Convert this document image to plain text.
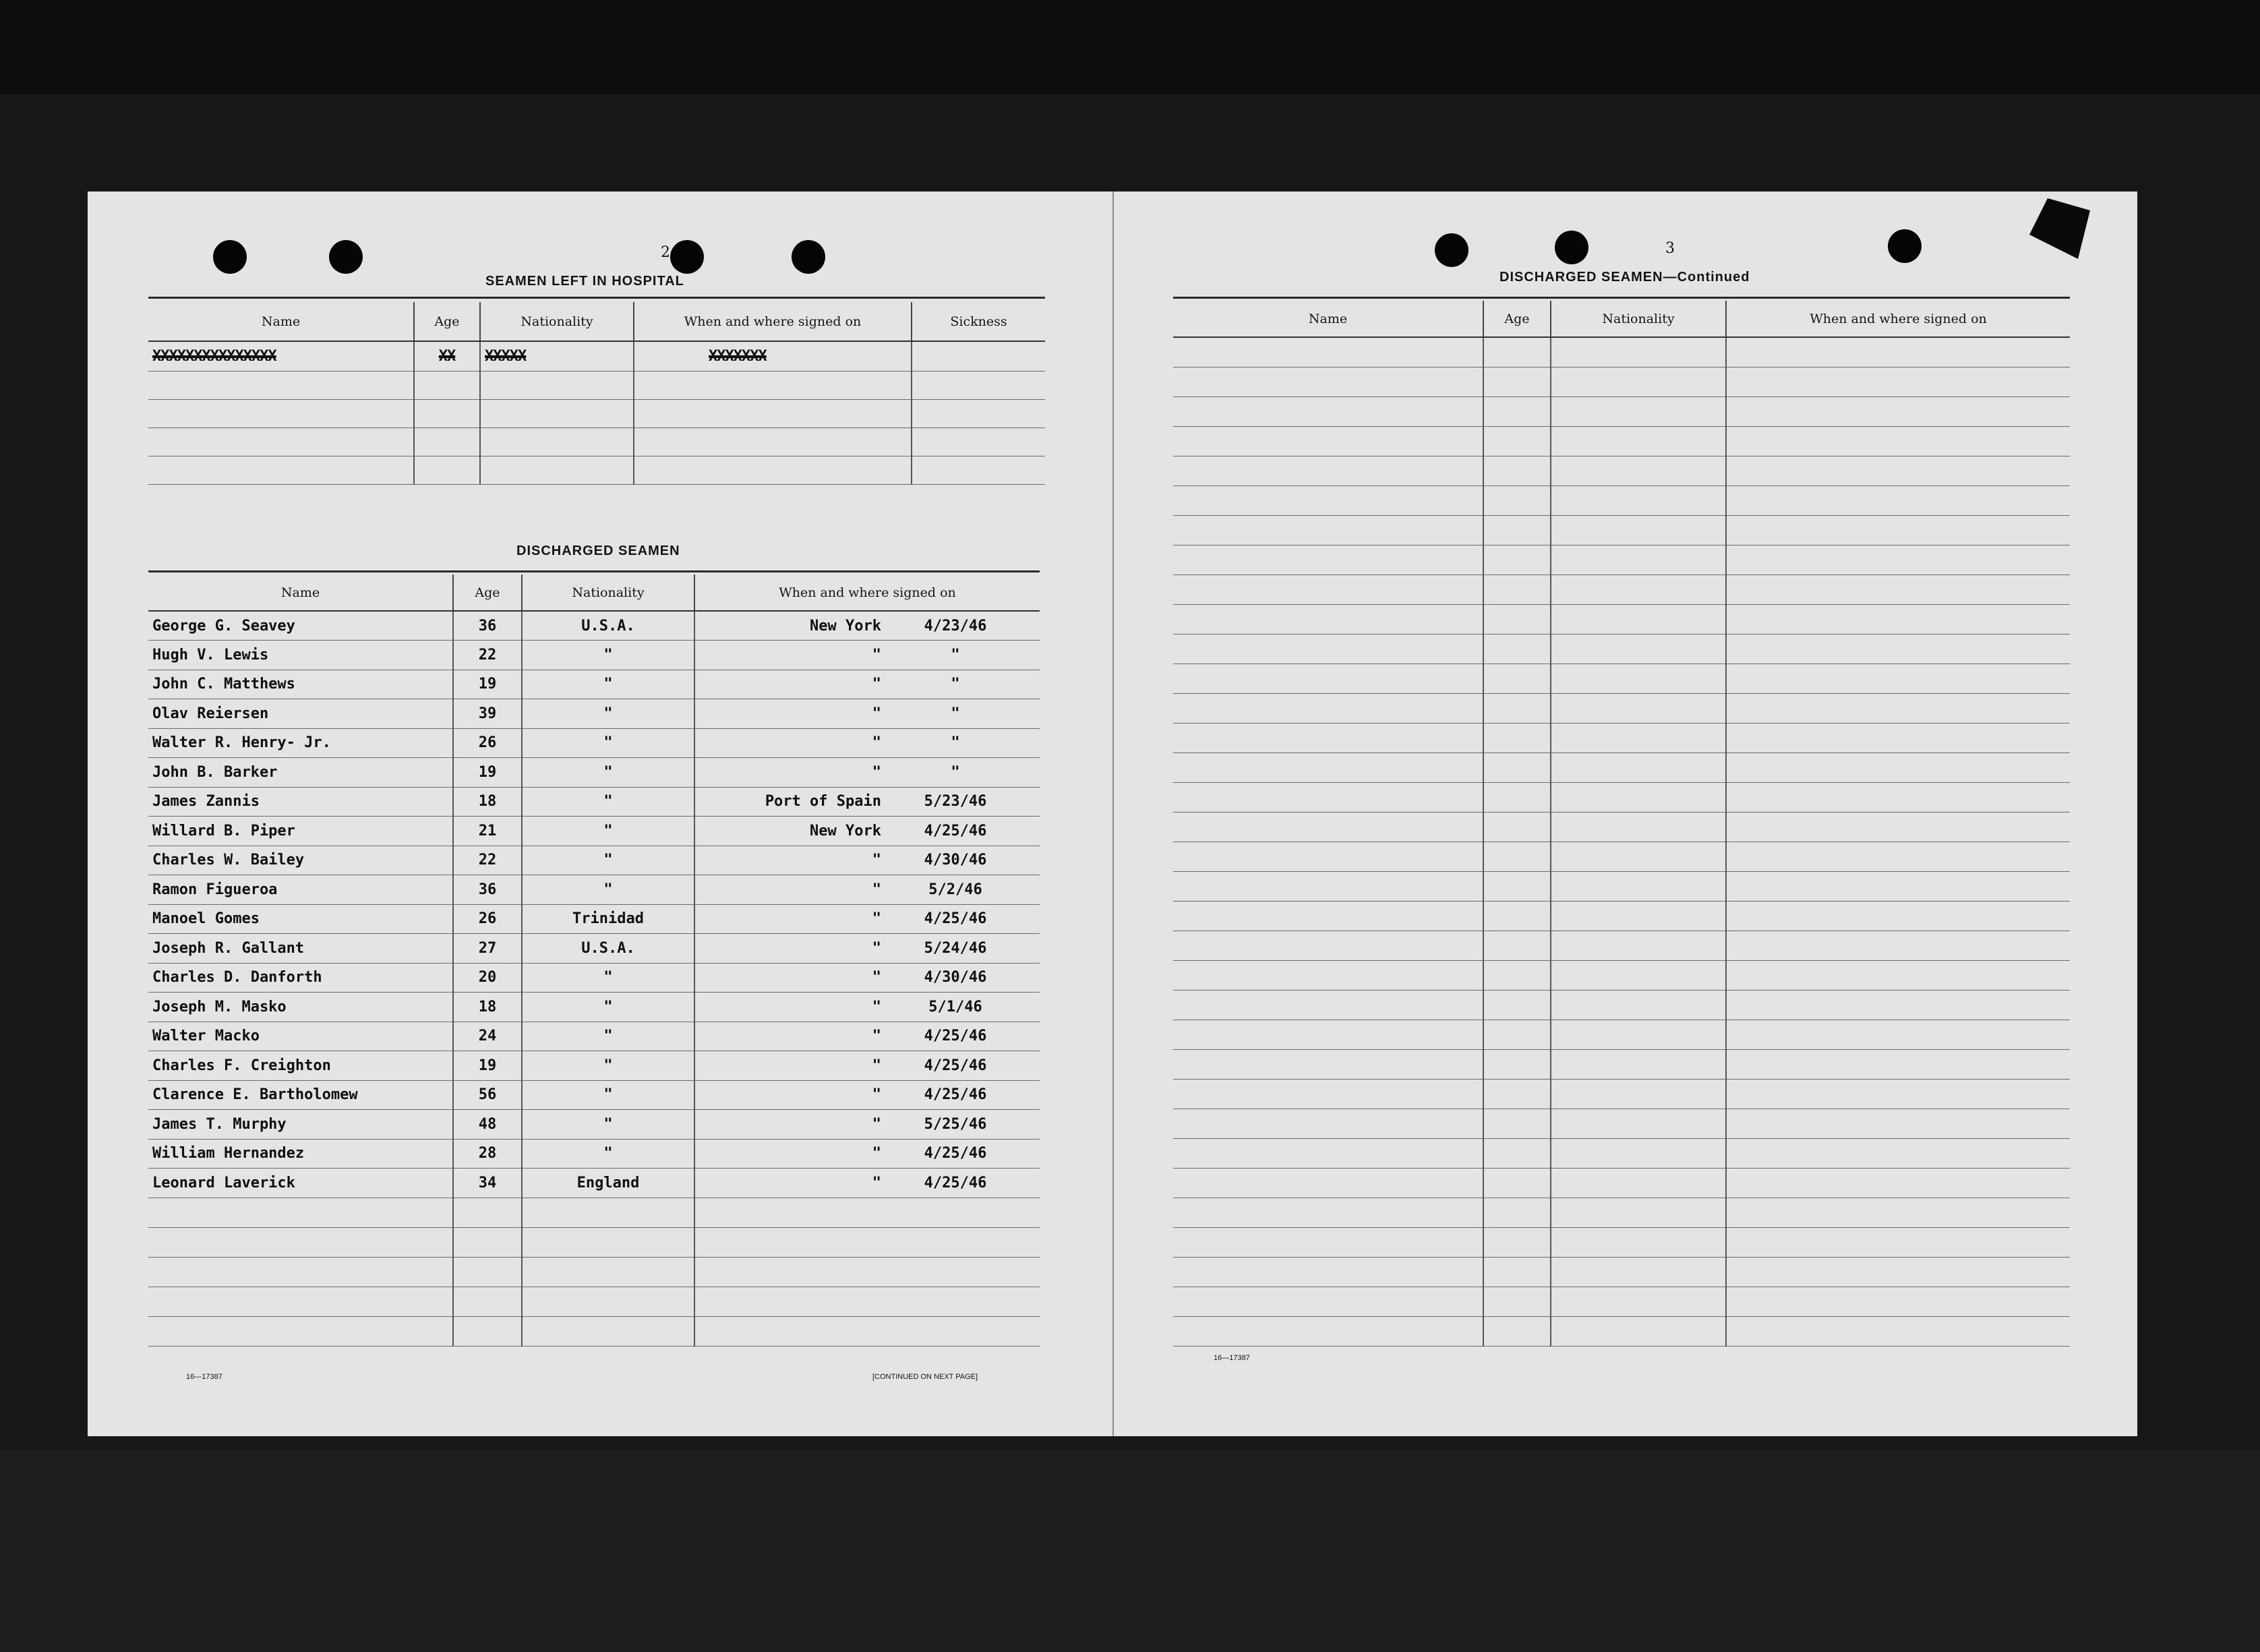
2
SEAMEN LEFT IN HOSPITAL
Name	Age	Nationality	When and where signed on	Sickness
XXXXXXXXXXXXXXX	XX	XXXXX	XXXXXXX	

DISCHARGED SEAMEN
Name	Age	Nationality	When and where signed on
George G. Seavey	36	U.S.A.	New York 4/23/46
Hugh V. Lewis	22	"	" "
John C. Matthews	19	"	" "
Olav Reiersen	39	"	" "
Walter R. Henry- Jr.	26	"	" "
John B. Barker	19	"	" "
James Zannis	18	"	Port of Spain 5/23/46
Willard B. Piper	21	"	New York 4/25/46
Charles W. Bailey	22	"	" 4/30/46
Ramon Figueroa	36	"	" 5/2/46
Manoel Gomes	26	Trinidad	" 4/25/46
Joseph R. Gallant	27	U.S.A.	" 5/24/46
Charles D. Danforth	20	"	" 4/30/46
Joseph M. Masko	18	"	" 5/1/46
Walter Macko	24	"	" 4/25/46
Charles F. Creighton	19	"	" 4/25/46
Clarence E. Bartholomew	56	"	" 4/25/46
James T. Murphy	48	"	" 5/25/46
William Hernandez	28	"	" 4/25/46
Leonard Laverick	34	England	" 4/25/46

16—17387	[CONTINUED ON NEXT PAGE]
3
DISCHARGED SEAMEN—Continued
Name	Age	Nationality	When and where signed on

16—17387
